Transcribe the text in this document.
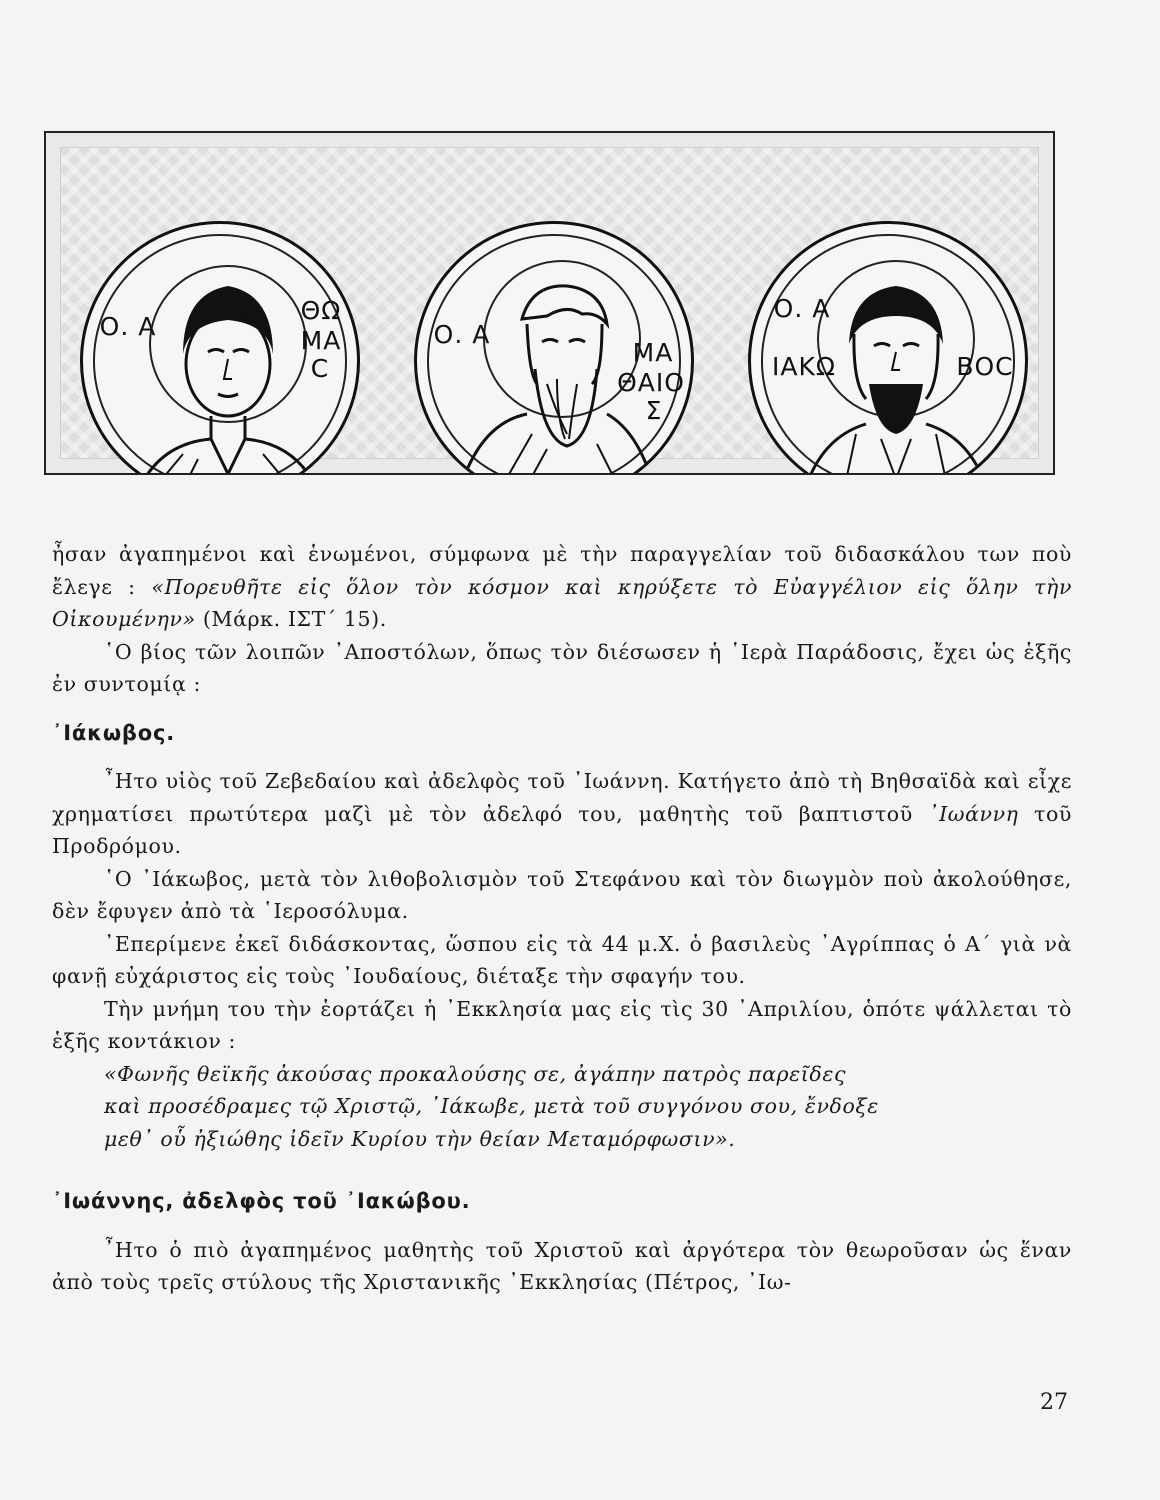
Ο. Α
ΘΩ
ΜΑ
C
Ο. Α
ΜΑ
ΘΑΙΟ
Σ
Ο. Α
ΙΑΚΩ	ΒΟC

ἦσαν ἀγαπημένοι καὶ ἑνωμένοι, σύμφωνα μὲ τὴν παραγγελίαν τοῦ διδασκάλου των ποὺ ἔλεγε : «Πορευθῆτε εἰς ὅλον τὸν κόσμον καὶ κηρύξετε τὸ Εὐαγγέλιον εἰς ὅλην τὴν Οἰκουμένην» (Μάρκ. ΙΣΤ΄ 15).

῾Ο βίος τῶν λοιπῶν ᾿Αποστόλων, ὅπως τὸν διέσωσεν ἡ ῾Ιερὰ Παράδοσις, ἔχει ὡς ἑξῆς ἐν συντομίᾳ :

᾿Ιάκωβος.

῏Ητο υἱὸς τοῦ Ζεβεδαίου καὶ ἀδελφὸς τοῦ ᾿Ιωάννη. Κατήγετο ἀπὸ τὴ Βηθσαϊδὰ καὶ εἶχε χρηματίσει πρωτύτερα μαζὶ μὲ τὸν ἀδελφό του, μαθητὴς τοῦ βαπτιστοῦ ᾿Ιωάννη τοῦ Προδρόμου.

῾Ο ᾿Ιάκωβος, μετὰ τὸν λιθοβολισμὸν τοῦ Στεφάνου καὶ τὸν διωγμὸν ποὺ ἀκολούθησε, δὲν ἔφυγεν ἀπὸ τὰ ῾Ιεροσόλυμα.

᾿Επερίμενε ἐκεῖ διδάσκοντας, ὥσπου εἰς τὰ 44 μ.Χ. ὁ βασιλεὺς ᾿Αγρίππας ὁ Α΄ γιὰ νὰ φανῇ εὐχάριστος εἰς τοὺς ᾿Ιουδαίους, διέταξε τὴν σφαγήν του.

Τὴν μνήμη του τὴν ἑορτάζει ἡ ᾿Εκκλησία μας εἰς τὶς 30 ᾿Απριλίου, ὁπότε ψάλλεται τὸ ἑξῆς κοντάκιον :

«Φωνῆς θεϊκῆς ἀκούσας προκαλούσης σε, ἀγάπην πατρὸς παρεῖδες

καὶ προσέδραμες τῷ Χριστῷ, ᾿Ιάκωβε, μετὰ τοῦ συγγόνου σου, ἔνδοξε

μεθ᾿ οὗ ἠξιώθης ἰδεῖν Κυρίου τὴν θείαν Μεταμόρφωσιν».

᾿Ιωάννης, ἀδελφὸς τοῦ ᾿Ιακώβου.

῏Ητο ὁ πιὸ ἀγαπημένος μαθητὴς τοῦ Χριστοῦ καὶ ἀργότερα τὸν θεωροῦσαν ὡς ἕναν ἀπὸ τοὺς τρεῖς στύλους τῆς Χριστανικῆς ᾿Εκκλησίας (Πέτρος, ᾿Ιω-

27
